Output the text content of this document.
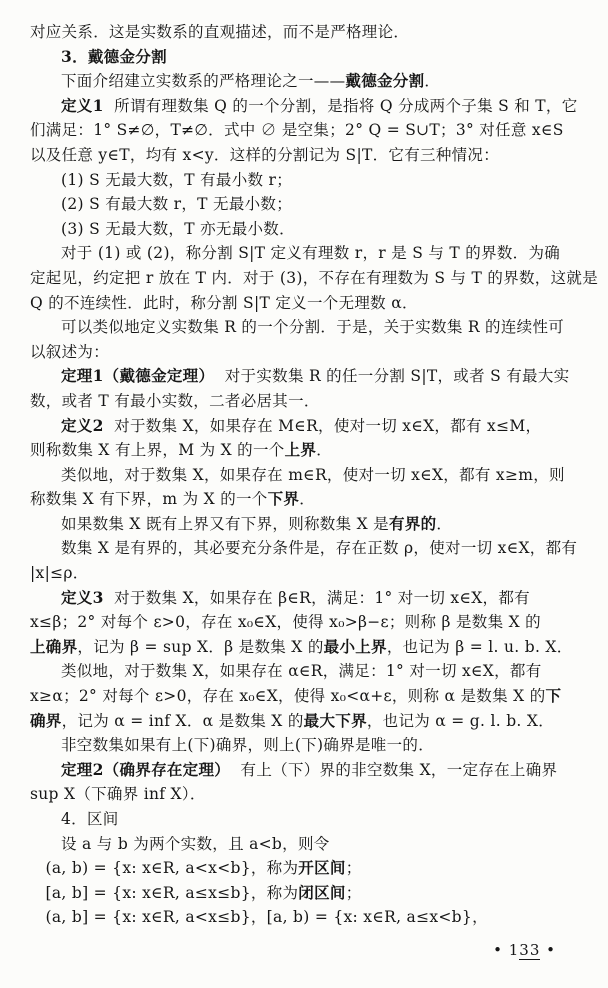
对应关系．这是实数系的直观描述，而不是严格理论．
3．戴德金分割
下面介绍建立实数系的严格理论之一——戴德金分割．
定义1  所谓有理数集 Q 的一个分割，是指将 Q 分成两个子集 S 和 T，它
们满足：1° S≠∅，T≠∅．式中 ∅ 是空集；2° Q = S∪T；3° 对任意 x∈S
以及任意 y∈T，均有 x<y．这样的分割记为 S|T．它有三种情况：
(1) S 无最大数，T 有最小数 r；
(2) S 有最大数 r，T 无最小数；
(3) S 无最大数，T 亦无最小数．
对于 (1) 或 (2)，称分割 S|T 定义有理数 r，r 是 S 与 T 的界数．为确
定起见，约定把 r 放在 T 内．对于 (3)，不存在有理数为 S 与 T 的界数，这就是
Q 的不连续性．此时，称分割 S|T 定义一个无理数 α．
可以类似地定义实数集 R 的一个分割．于是，关于实数集 R 的连续性可
以叙述为：
定理1（戴德金定理）  对于实数集 R 的任一分割 S|T，或者 S 有最大实
数，或者 T 有最小实数，二者必居其一．
定义2  对于数集 X，如果存在 M∈R，使对一切 x∈X，都有 x≤M，
则称数集 X 有上界，M 为 X 的一个上界．
类似地，对于数集 X，如果存在 m∈R，使对一切 x∈X，都有 x≥m，则
称数集 X 有下界，m 为 X 的一个下界．
如果数集 X 既有上界又有下界，则称数集 X 是有界的．
数集 X 是有界的，其必要充分条件是，存在正数 ρ，使对一切 x∈X，都有
|x|≤ρ．
定义3  对于数集 X，如果存在 β∈R，满足：1° 对一切 x∈X，都有
x≤β；2° 对每个 ε>0，存在 x₀∈X，使得 x₀>β−ε；则称 β 是数集 X 的
上确界，记为 β = sup X．β 是数集 X 的最小上界，也记为 β = l. u. b. X．
类似地，对于数集 X，如果存在 α∈R，满足：1° 对一切 x∈X，都有
x≥α；2° 对每个 ε>0，存在 x₀∈X，使得 x₀<α+ε，则称 α 是数集 X 的下
确界，记为 α = inf X．α 是数集 X 的最大下界，也记为 α = g. l. b. X．
非空数集如果有上(下)确界，则上(下)确界是唯一的．
定理2（确界存在定理）  有上（下）界的非空数集 X，一定存在上确界
sup X（下确界 inf X）．
4．区间
设 a 与 b 为两个实数，且 a<b，则令
(a, b) = {x: x∈R, a<x<b}，称为开区间；
[a, b] = {x: x∈R, a≤x≤b}，称为闭区间；
(a, b] = {x: x∈R, a<x≤b}，[a, b) = {x: x∈R, a≤x<b}，
• 133 •
